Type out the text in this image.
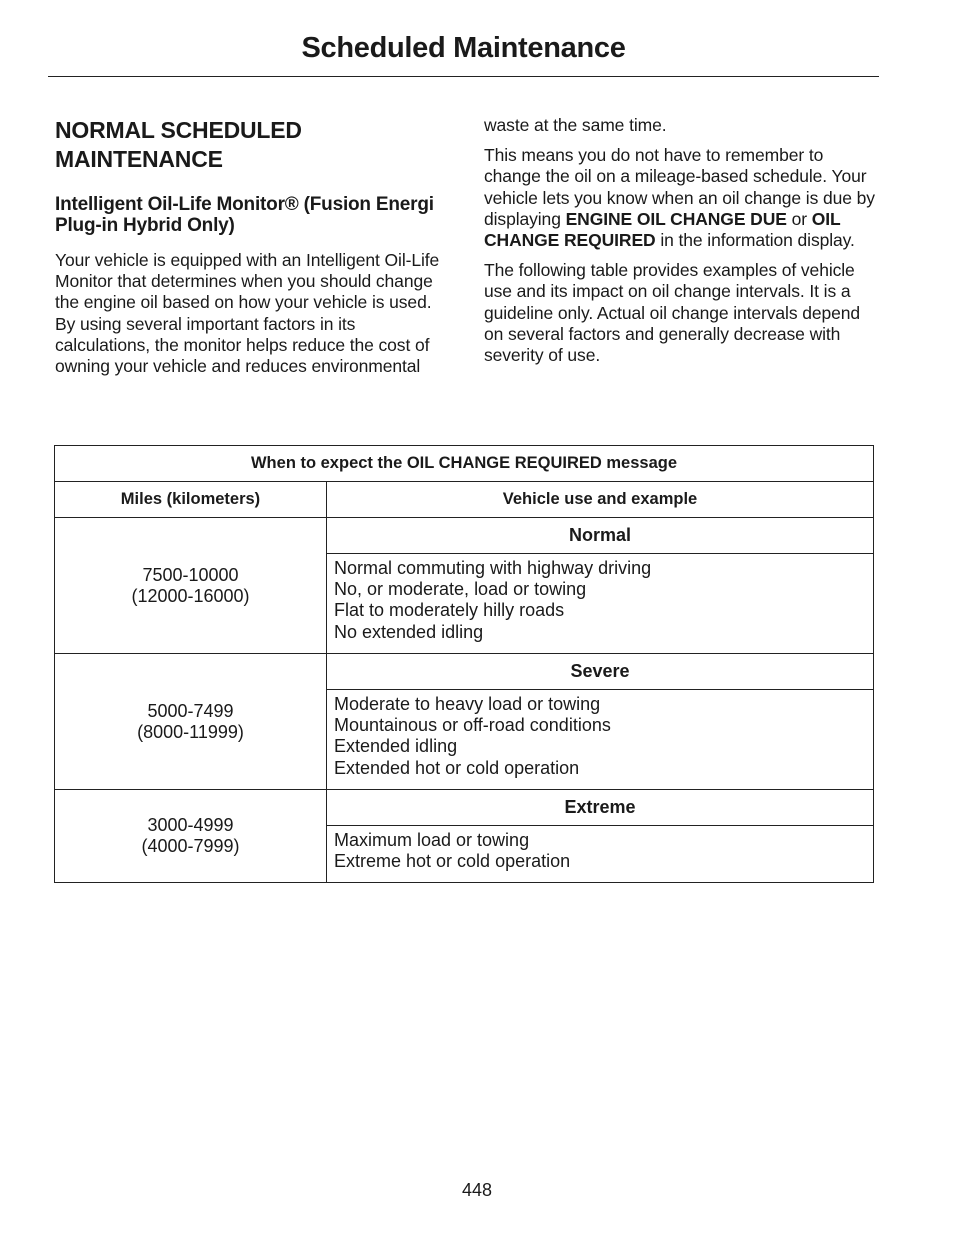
Scheduled Maintenance
NORMAL SCHEDULED MAINTENANCE
Intelligent Oil-Life Monitor® (Fusion Energi Plug-in Hybrid Only)

Your vehicle is equipped with an Intelligent Oil-Life Monitor that determines when you should change the engine oil based on how your vehicle is used. By using several important factors in its calculations, the monitor helps reduce the cost of owning your vehicle and reduces environmental

waste at the same time.

This means you do not have to remember to change the oil on a mileage-based schedule. Your vehicle lets you know when an oil change is due by displaying ENGINE OIL CHANGE DUE or OIL CHANGE REQUIRED in the information display.

The following table provides examples of vehicle use and its impact on oil change intervals. It is a guideline only. Actual oil change intervals depend on several factors and generally decrease with severity of use.

When to expect the OIL CHANGE REQUIRED message	
Miles (kilometers)	Vehicle use and example

7500-10000
(12000-16000)	Normal

	Normal commuting with highway driving
No, or moderate, load or towing
Flat to moderately hilly roads
No extended idling

5000-7499
(8000-11999)	Severe

	Moderate to heavy load or towing
Mountainous or off-road conditions
Extended idling
Extended hot or cold operation

3000-4999
(4000-7999)	Extreme

	Maximum load or towing
Extreme hot or cold operation
448
